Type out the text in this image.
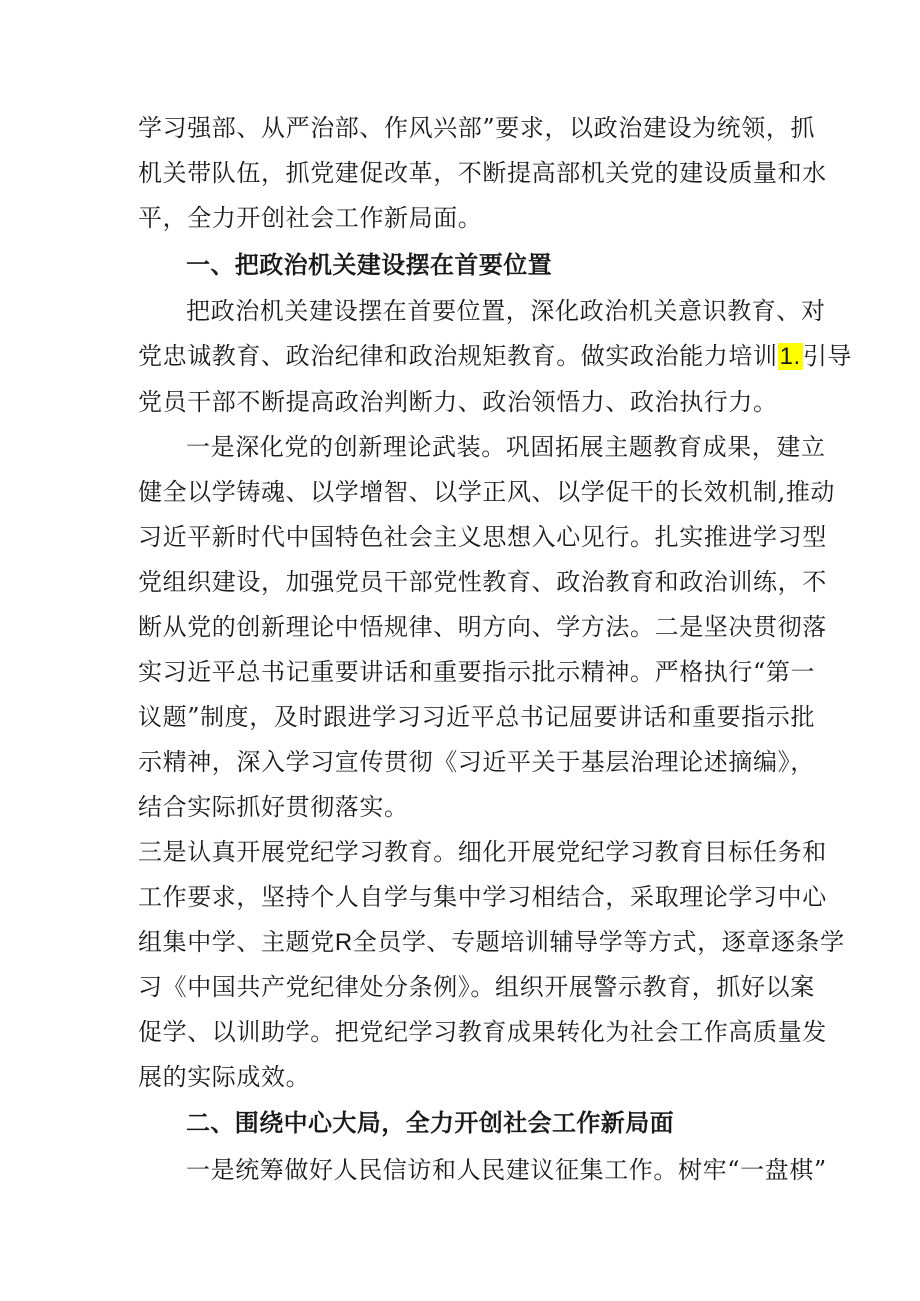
学习强部、从严治部、作风兴部”要求，以政治建设为统领，抓
机关带队伍，抓党建促改革，不断提高部机关党的建设质量和水
平，全力开创社会工作新局面。
一、把政治机关建设摆在首要位置
把政治机关建设摆在首要位置，深化政治机关意识教育、对
党忠诚教育、政治纪律和政治规矩教育。做实政治能力培训1.引导
党员干部不断提高政治判断力、政治领悟力、政治执行力。
一是深化党的创新理论武装。巩固拓展主题教育成果，建立
健全以学铸魂、以学增智、以学正风、以学促干的长效机制,推动
习近平新时代中国特色社会主义思想入心见行。扎实推进学习型
党组织建设，加强党员干部党性教育、政治教育和政治训练，不
断从党的创新理论中悟规律、明方向、学方法。二是坚决贯彻落
实习近平总书记重要讲话和重要指示批示精神。严格执行“第一
议题”制度，及时跟进学习习近平总书记屈要讲话和重要指示批
示精神，深入学习宣传贯彻《习近平关于基层治理论述摘编》，
结合实际抓好贯彻落实。
三是认真开展党纪学习教育。细化开展党纪学习教育目标任务和
工作要求，坚持个人自学与集中学习相结合，采取理论学习中心
组集中学、主题党R全员学、专题培训辅导学等方式，逐章逐条学
习《中国共产党纪律处分条例》。组织开展警示教育，抓好以案
促学、以训助学。把党纪学习教育成果转化为社会工作高质量发
展的实际成效。
二、围绕中心大局，全力开创社会工作新局面
一是统筹做好人民信访和人民建议征集工作。树牢“一盘棋”
